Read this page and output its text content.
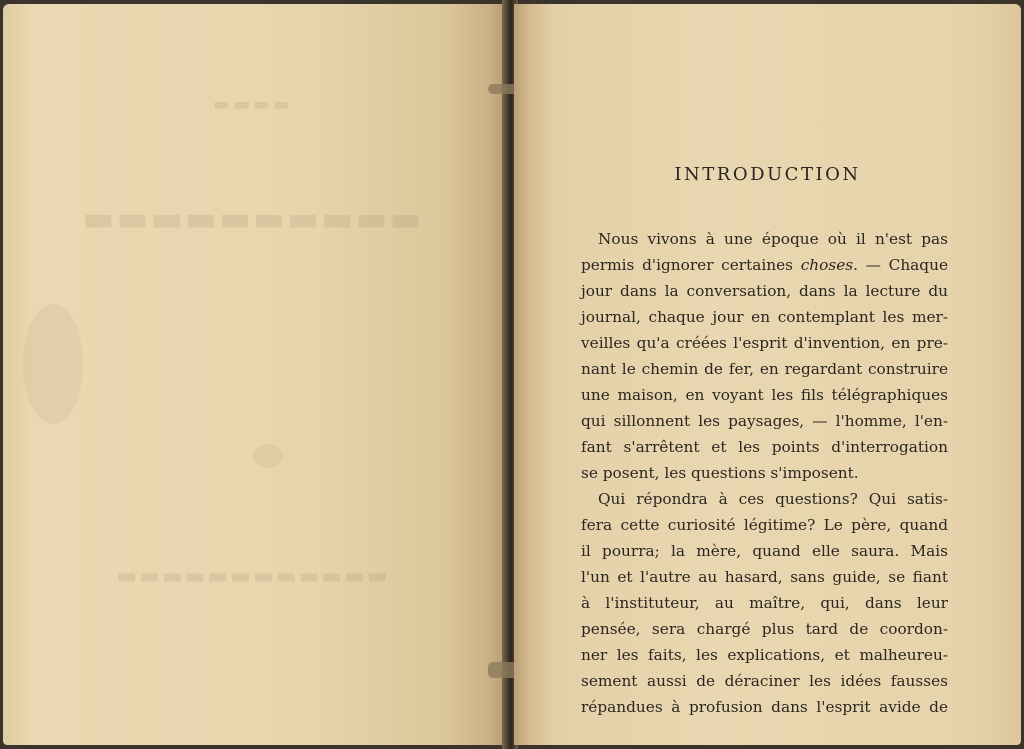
▬▬▬▬
▬▬▬▬▬▬▬▬▬▬
▬▬▬▬▬▬▬▬▬▬▬▬
INTRODUCTION
Nous vivons à une époque où il n'est pas
permis d'ignorer certaines choses. — Chaque
jour dans la conversation, dans la lecture du
journal, chaque jour en contemplant les mer-
veilles qu'a créées l'esprit d'invention, en pre-
nant le chemin de fer, en regardant construire
une maison, en voyant les fils télégraphiques
qui sillonnent les paysages, — l'homme, l'en-
fant s'arrêtent et les points d'interrogation
se posent, les questions s'imposent.
Qui répondra à ces questions? Qui satis-
fera cette curiosité légitime? Le père, quand
il pourra; la mère, quand elle saura. Mais
l'un et l'autre au hasard, sans guide, se fiant
à l'instituteur, au maître, qui, dans leur
pensée, sera chargé plus tard de coordon-
ner les faits, les explications, et malheureu-
sement aussi de déraciner les idées fausses
répandues à profusion dans l'esprit avide de
